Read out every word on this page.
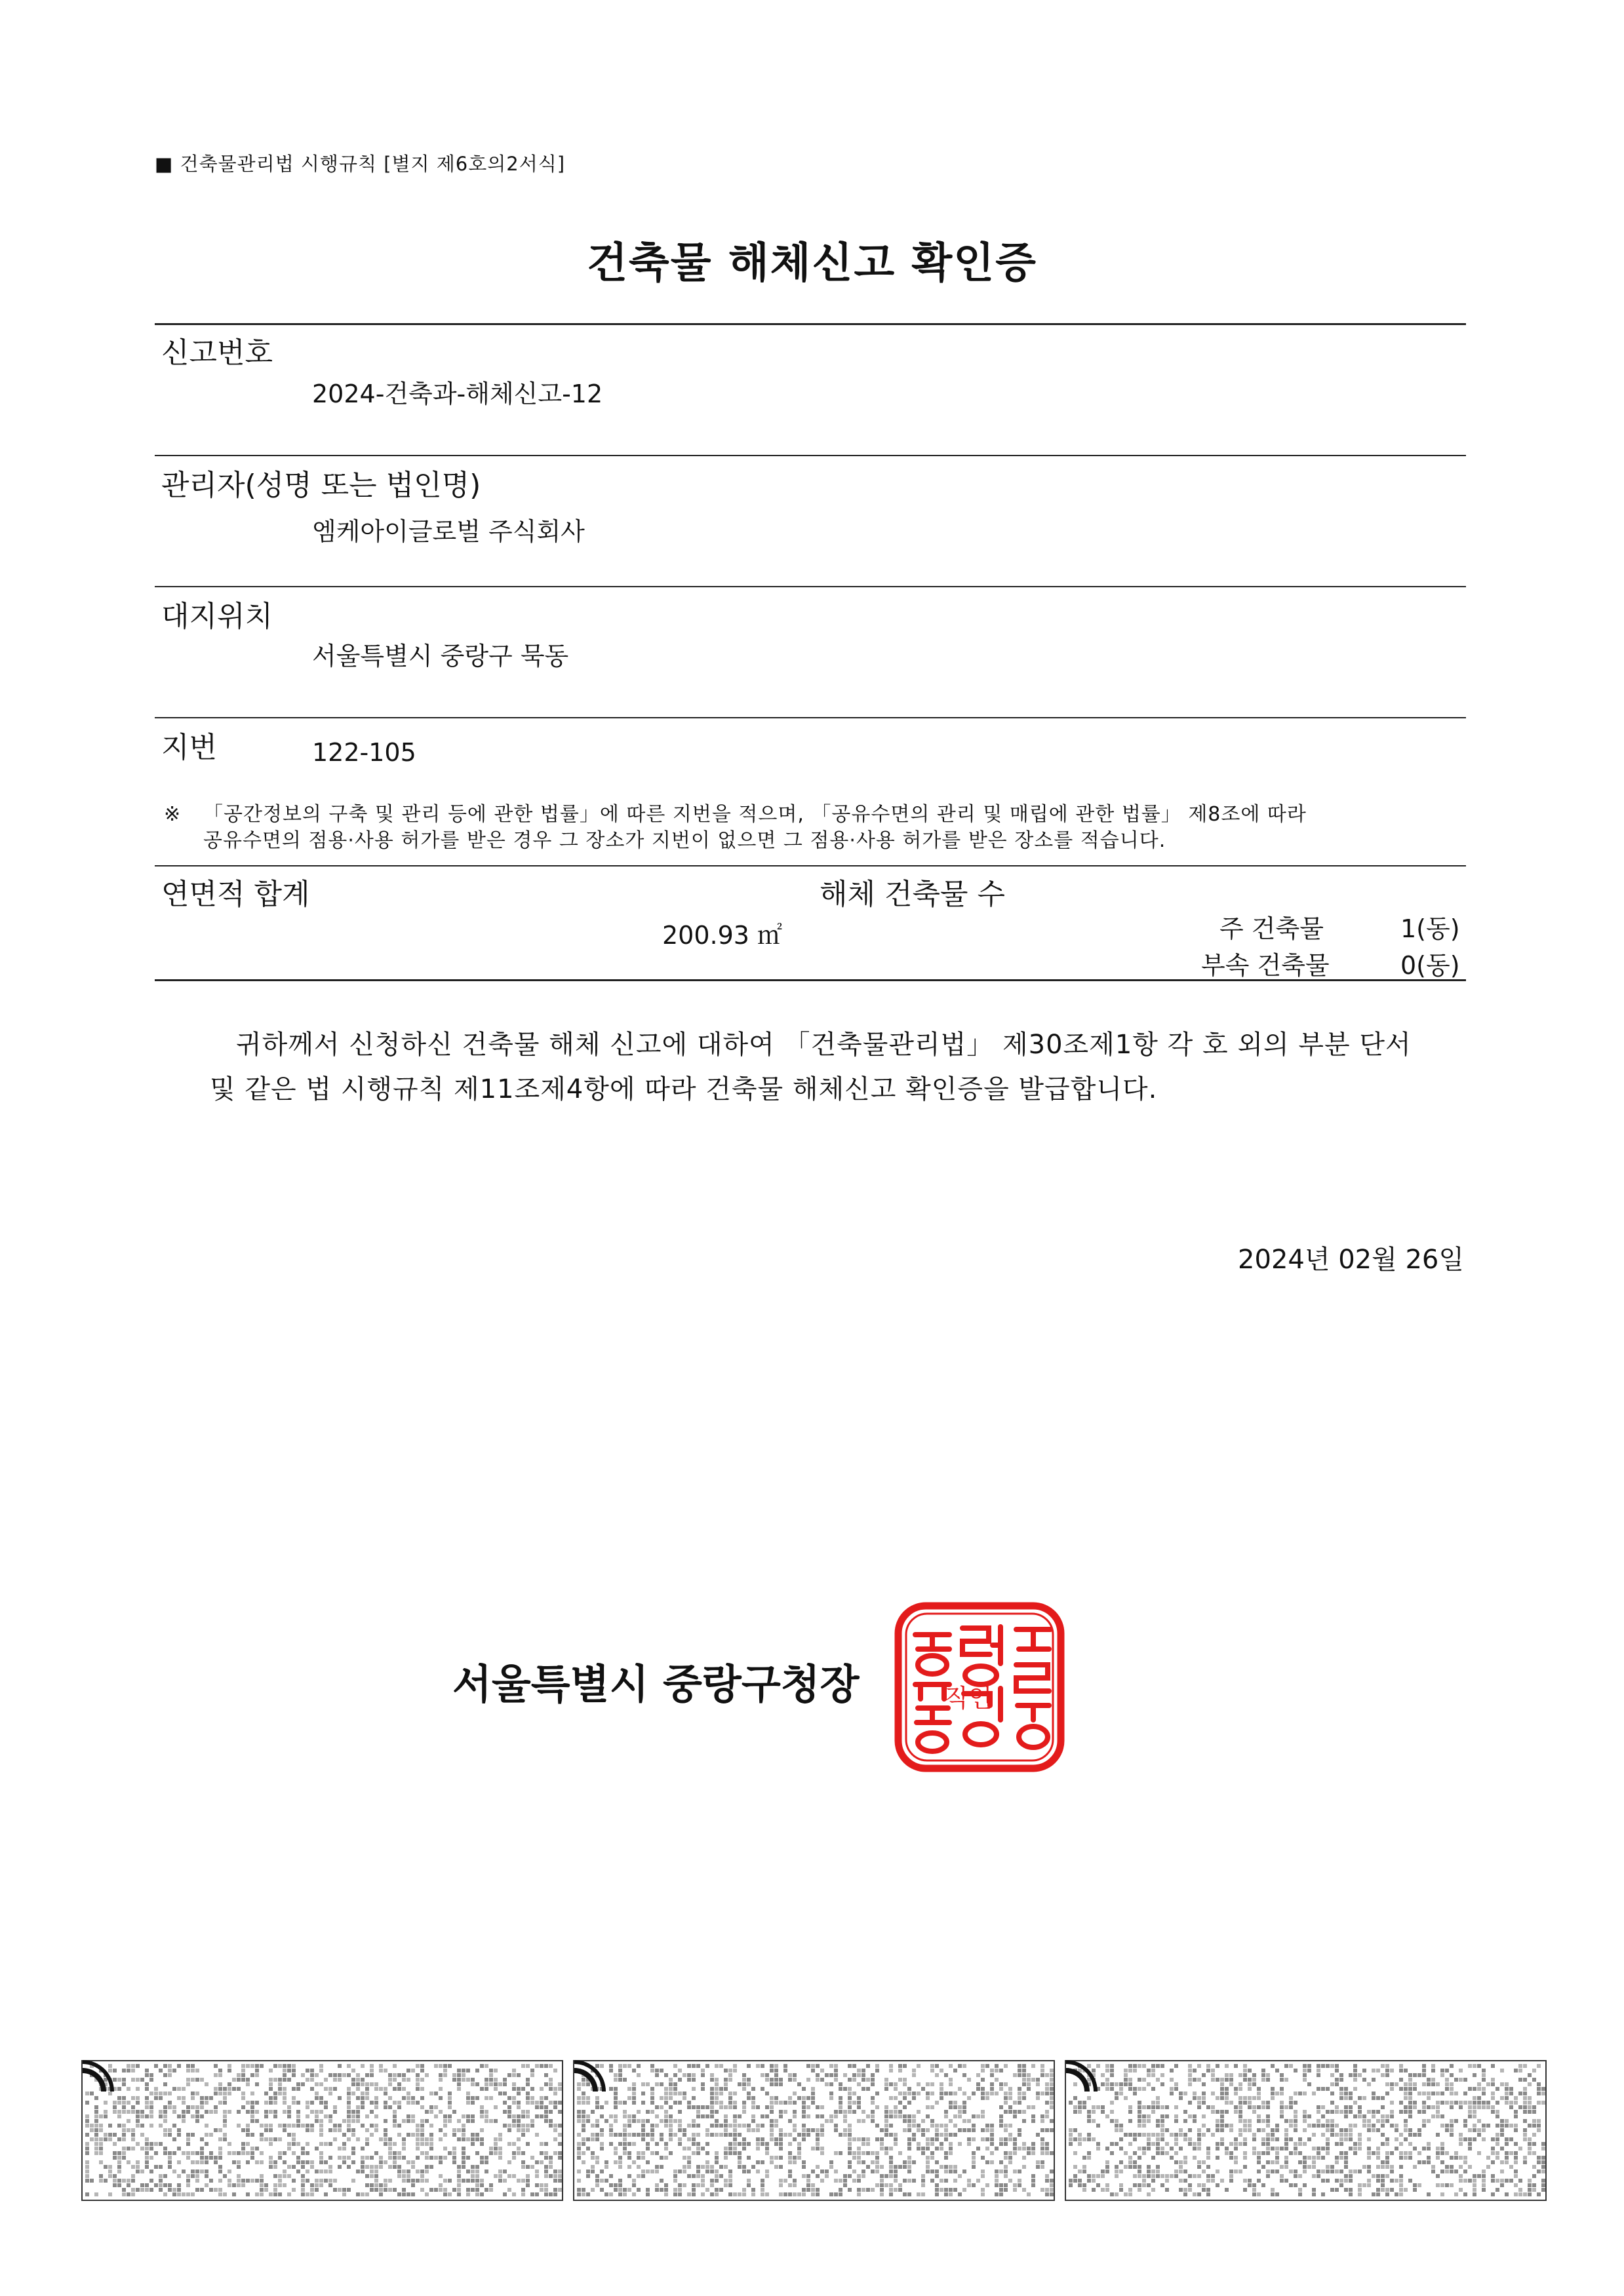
■ 건축물관리법 시행규칙 [별지 제6호의2서식]
건축물 해체신고 확인증
신고번호
2024-건축과-해체신고-12
관리자(성명 또는 법인명)
엠케아이글로벌 주식회사
대지위치
서울특별시 중랑구 묵동
지번	122-105
※ 「공간정보의 구축 및 관리 등에 관한 법률」에 따른 지번을 적으며, 「공유수면의 관리 및 매립에 관한 법률」 제8조에 따라
공유수면의 점용·사용 허가를 받은 경우 그 장소가 지번이 없으면 그 점용·사용 허가를 받은 장소를 적습니다.
연면적 합계
200.93 ㎡
해체 건축물 수
주 건축물	1(동)
부속 건축물	0(동)
귀하께서 신청하신 건축물 해체 신고에 대하여 「건축물관리법」 제30조제1항 각 호 외의 부분 단서
및 같은 법 시행규칙 제11조제4항에 따라 건축물 해체신고 확인증을 발급합니다.
2024년 02월 26일
서울특별시 중랑구청장	직인
